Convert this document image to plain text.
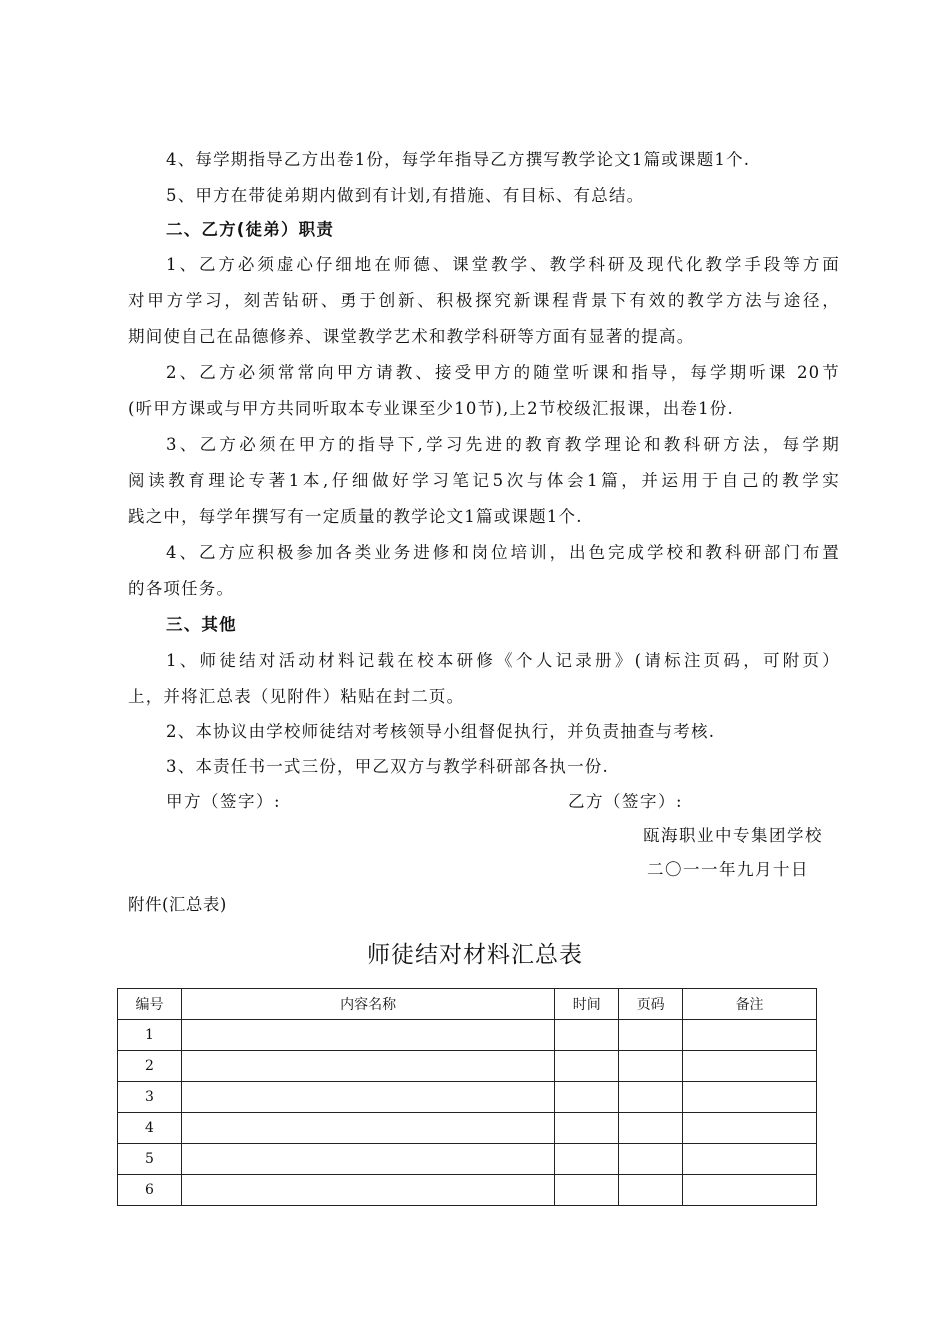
4、每学期指导乙方出卷1份，每学年指导乙方撰写教学论文1篇或课题1个.
5、甲方在带徒弟期内做到有计划,有措施、有目标、有总结。
二、乙方(徒弟）职责
1、乙方必须虚心仔细地在师德、课堂教学、教学科研及现代化教学手段等方面
对甲方学习，刻苦钻研、勇于创新、积极探究新课程背景下有效的教学方法与途径，
期间使自己在品德修养、课堂教学艺术和教学科研等方面有显著的提高。
2、乙方必须常常向甲方请教、接受甲方的随堂听课和指导，每学期听课 20节
(听甲方课或与甲方共同听取本专业课至少10节),上2节校级汇报课，出卷1份.
3、乙方必须在甲方的指导下,学习先进的教育教学理论和教科研方法，每学期
阅读教育理论专著1本,仔细做好学习笔记5次与体会1篇，并运用于自己的教学实
践之中，每学年撰写有一定质量的教学论文1篇或课题1个.
4、乙方应积极参加各类业务进修和岗位培训，出色完成学校和教科研部门布置
的各项任务。
三、其他
1、师徒结对活动材料记载在校本研修《个人记录册》(请标注页码，可附页）
上，并将汇总表（见附件）粘贴在封二页。
2、本协议由学校师徒结对考核领导小组督促执行，并负责抽查与考核.
3、本责任书一式三份，甲乙双方与教学科研部各执一份.
甲方（签字）:	乙方（签字）:
瓯海职业中专集团学校
二〇一一年九月十日
附件(汇总表)
师徒结对材料汇总表
编号	内容名称	时间	页码	备注
1				
2				
3				
4				
5				
6				
